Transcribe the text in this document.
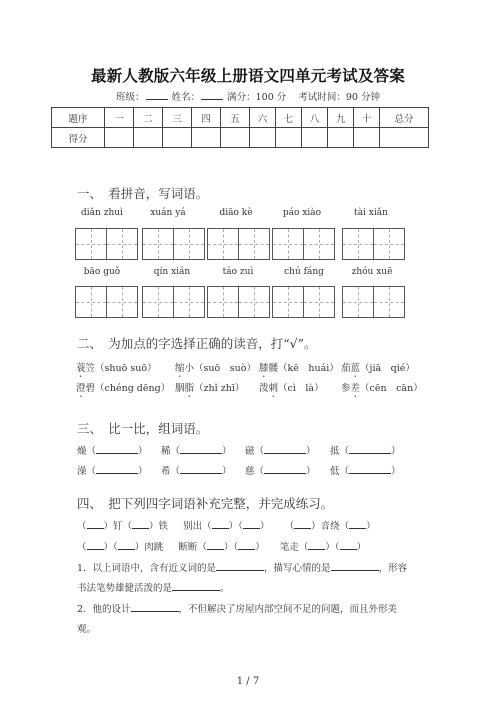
最新人教版六年级上册语文四单元考试及答案
班级：	姓名：	满分：100 分 考试时间：90 分钟
题序	一	二	三	四	五	六	七	八	九	十	总分
得分											
一、　看拼音，写词语。
diǎn zhuì	xuán yá	diāo kè	páo xiào	tài xiǎn
bāo guǒ	qín xián	táo zuì	chú fáng	zhóu xuē
二、　为加点的字选择正确的读音，打“√”。
蓑笠（shuō suō） 缩小（suō　suò） 膝髅（kē　huái） 茄蓝（jiā　qié）
澄碧（chéng dēng） 胭脂（zhǐ zhī） 泼刺（cì　là） 参差（cēn　cān）
三、　比一比，组词语。
燥（	） 稀（	） 磁（	） 抵（	）
澡（	） 希（	） 慈（	） 低（	）
四、　把下列四字词语补充完整，并完成练习。
（ ）钉（ ）铁 别出（ ）（ ） （ ）音绕（ ）
（ ）（ ）肉跳 断断（ ）（ ） 笔走（ ）（ ）
1．以上词语中，含有近义词的是	，描写心情的是	，形容
书法笔势雄健活泼的是	。
2．他的设计	，不但解决了房屋内部空间不足的问题，而且外形美
观。
1 / 7
